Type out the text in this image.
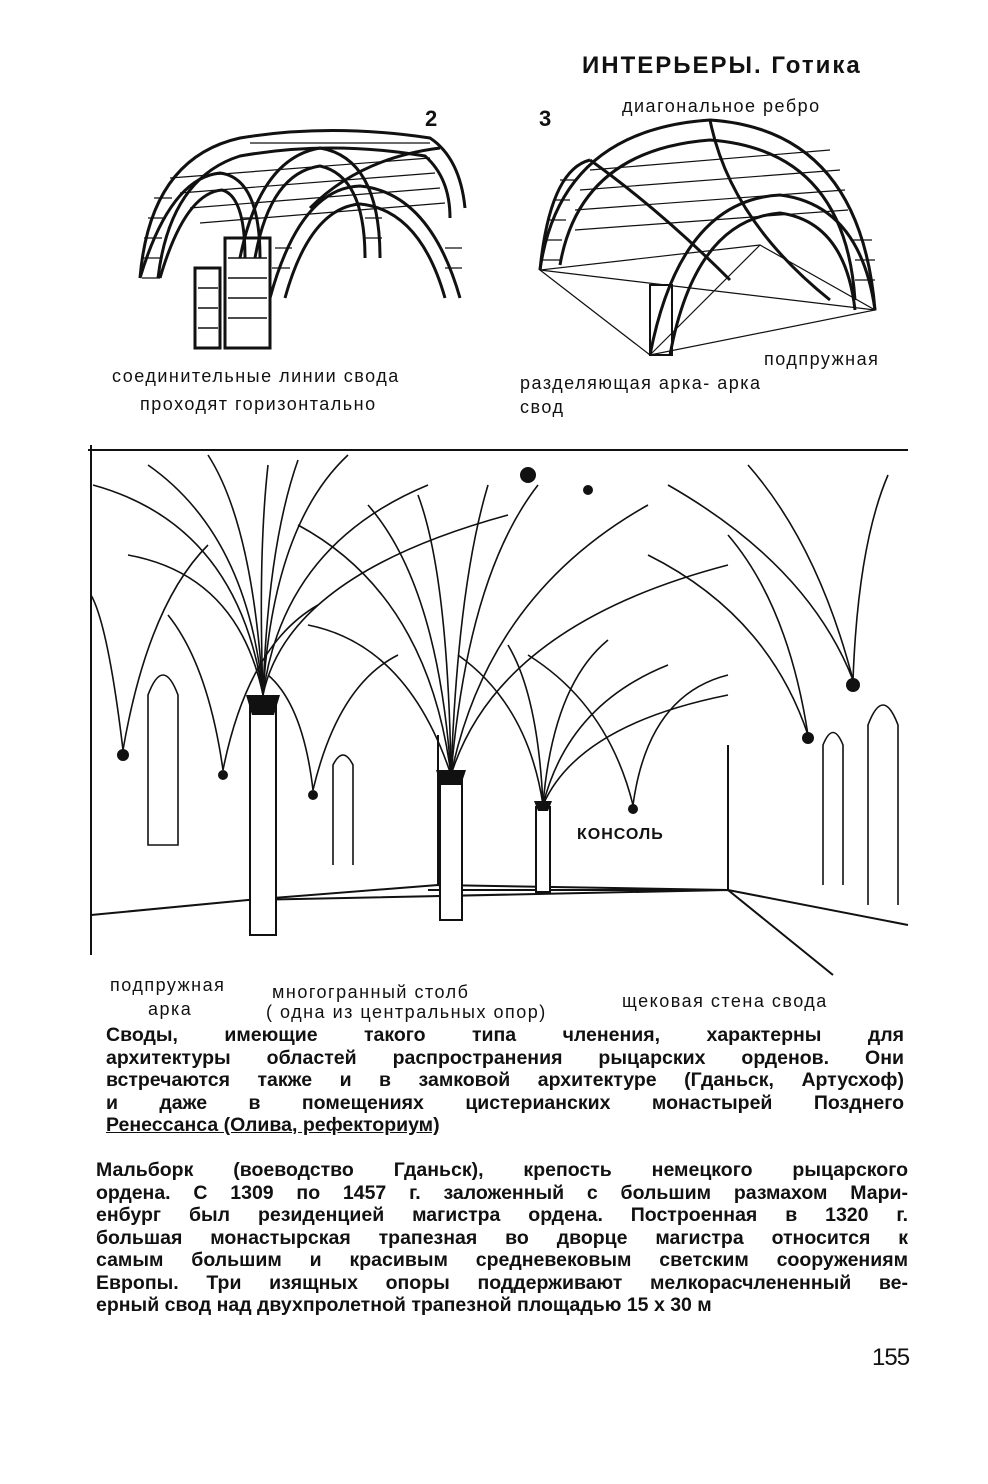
ИНТЕРЬЕРЫ. Готика
2
соединительные линии свода
проходят горизонтально
3	диагональное ребро
подпружная
разделяющая арка- арка
свод
КОНСОЛЬ
подпружная
арка
многогранный столб
( одна из центральных опор)
щековая стена свода

Своды, имеющие такого типа членения, характерны для

архитектуры областей распространения рыцарских орденов. Они

встречаются также и в замковой архитектуре (Гданьск, Артусхоф)

и даже в помещениях цистерианских монастырей Позднего

Ренессанса (Олива, рефекториум)

Мальборк (воеводство Гданьск), крепость немецкого рыцарского

ордена. С 1309 по 1457 г. заложенный с большим размахом Мари-

енбург был резиденцией магистра ордена. Построенная в 1320 г.

большая монастырская трапезная во дворце магистра относится к

самым большим и красивым средневековым светским сооружениям

Европы. Три изящных опоры поддерживают мелкорасчлененный ве-

ерный свод над двухпролетной трапезной площадью 15 х 30 м

155
